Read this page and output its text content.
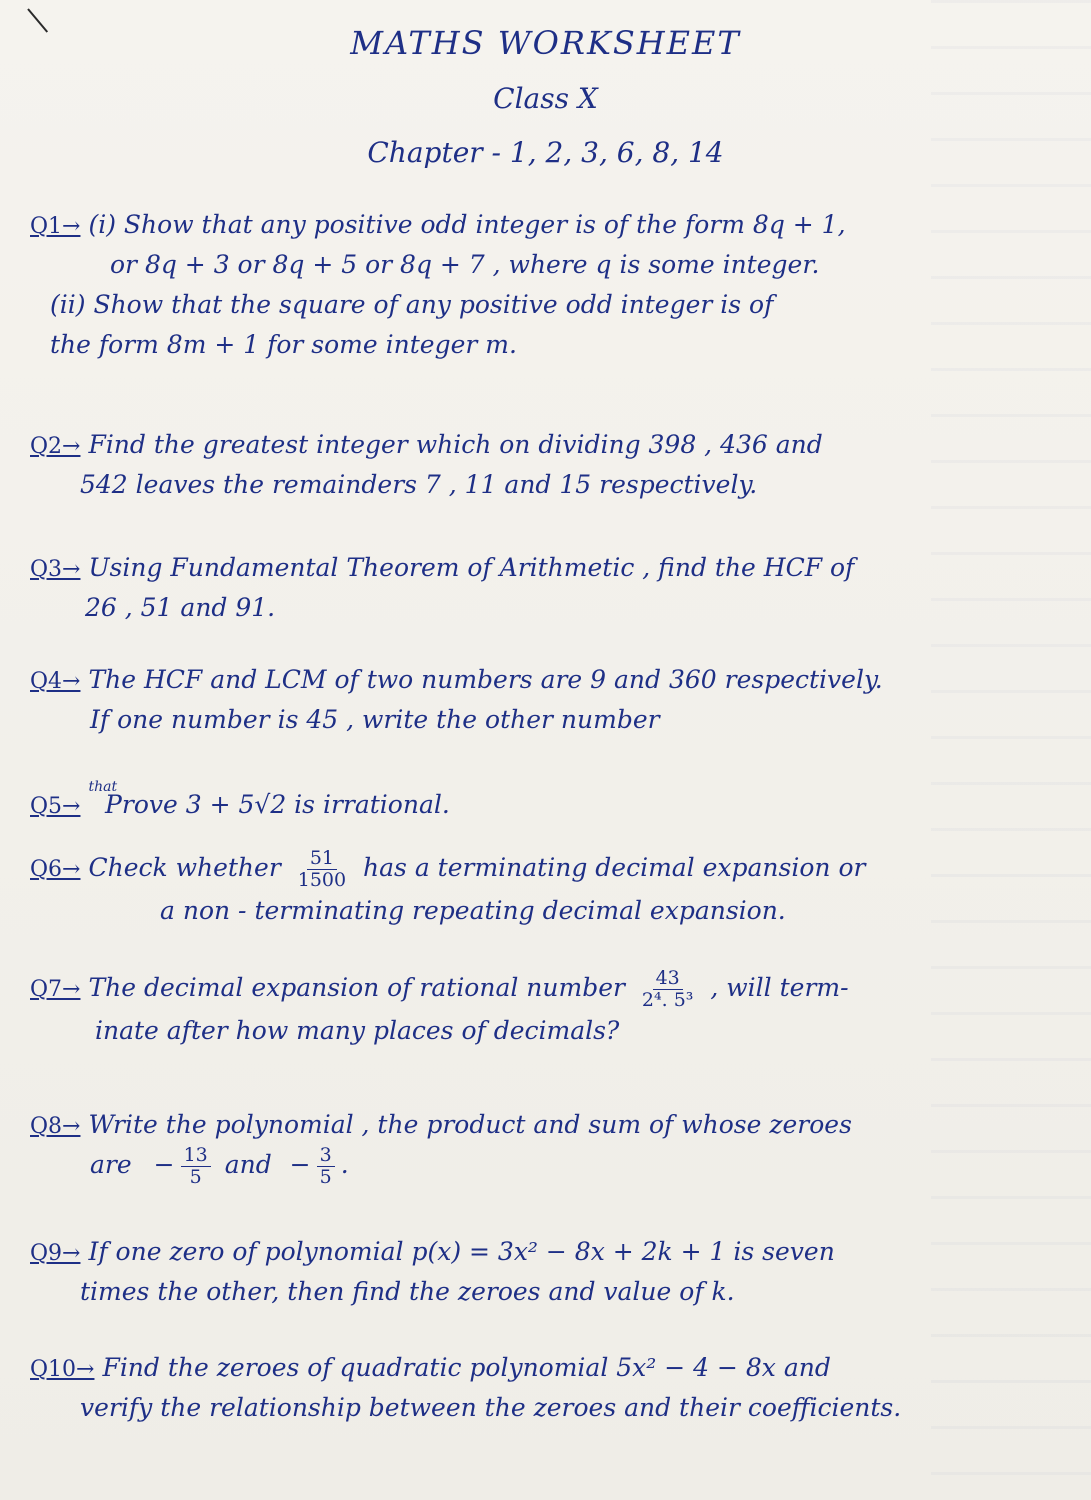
MATHS WORKSHEET
Class X
Chapter - 1, 2, 3, 6, 8, 14
Q1→ (i) Show that any positive odd integer is of the form 8q + 1,
or 8q + 3 or 8q + 5 or 8q + 7 , where q is some integer.
(ii) Show that the square of any positive odd integer is of
the form 8m + 1 for some integer m.
Q2→ Find the greatest integer which on dividing 398 , 436 and
542 leaves the remainders 7 , 11 and 15 respectively.
Q3→ Using Fundamental Theorem of Arithmetic , find the HCF of
26 , 51 and 91.
Q4→ The HCF and LCM of two numbers are 9 and 360 respectively.
If one number is 45 , write the other number
Q5→$^{that}$ Prove 3 + 5√2 is irrational.
Q6→ Check whether $\frac{51}{1500}$ has a terminating decimal expansion or
a non - terminating repeating decimal expansion.
Q7→ The decimal expansion of rational number $\frac{43}{\text{2⁴. 5³}}$ , will term-
inate after how many places of decimals?
Q8→ Write the polynomial , the product and sum of whose zeroes
are − $\frac{13}{5}$ and − $\frac{3}{5}$ .
Q9→ If one zero of polynomial p(x) = 3x² − 8x + 2k + 1 is seven
times the other, then find the zeroes and value of k.
Q10→ Find the zeroes of quadratic polynomial 5x² − 4 − 8x and
verify the relationship between the zeroes and their coefficients.
